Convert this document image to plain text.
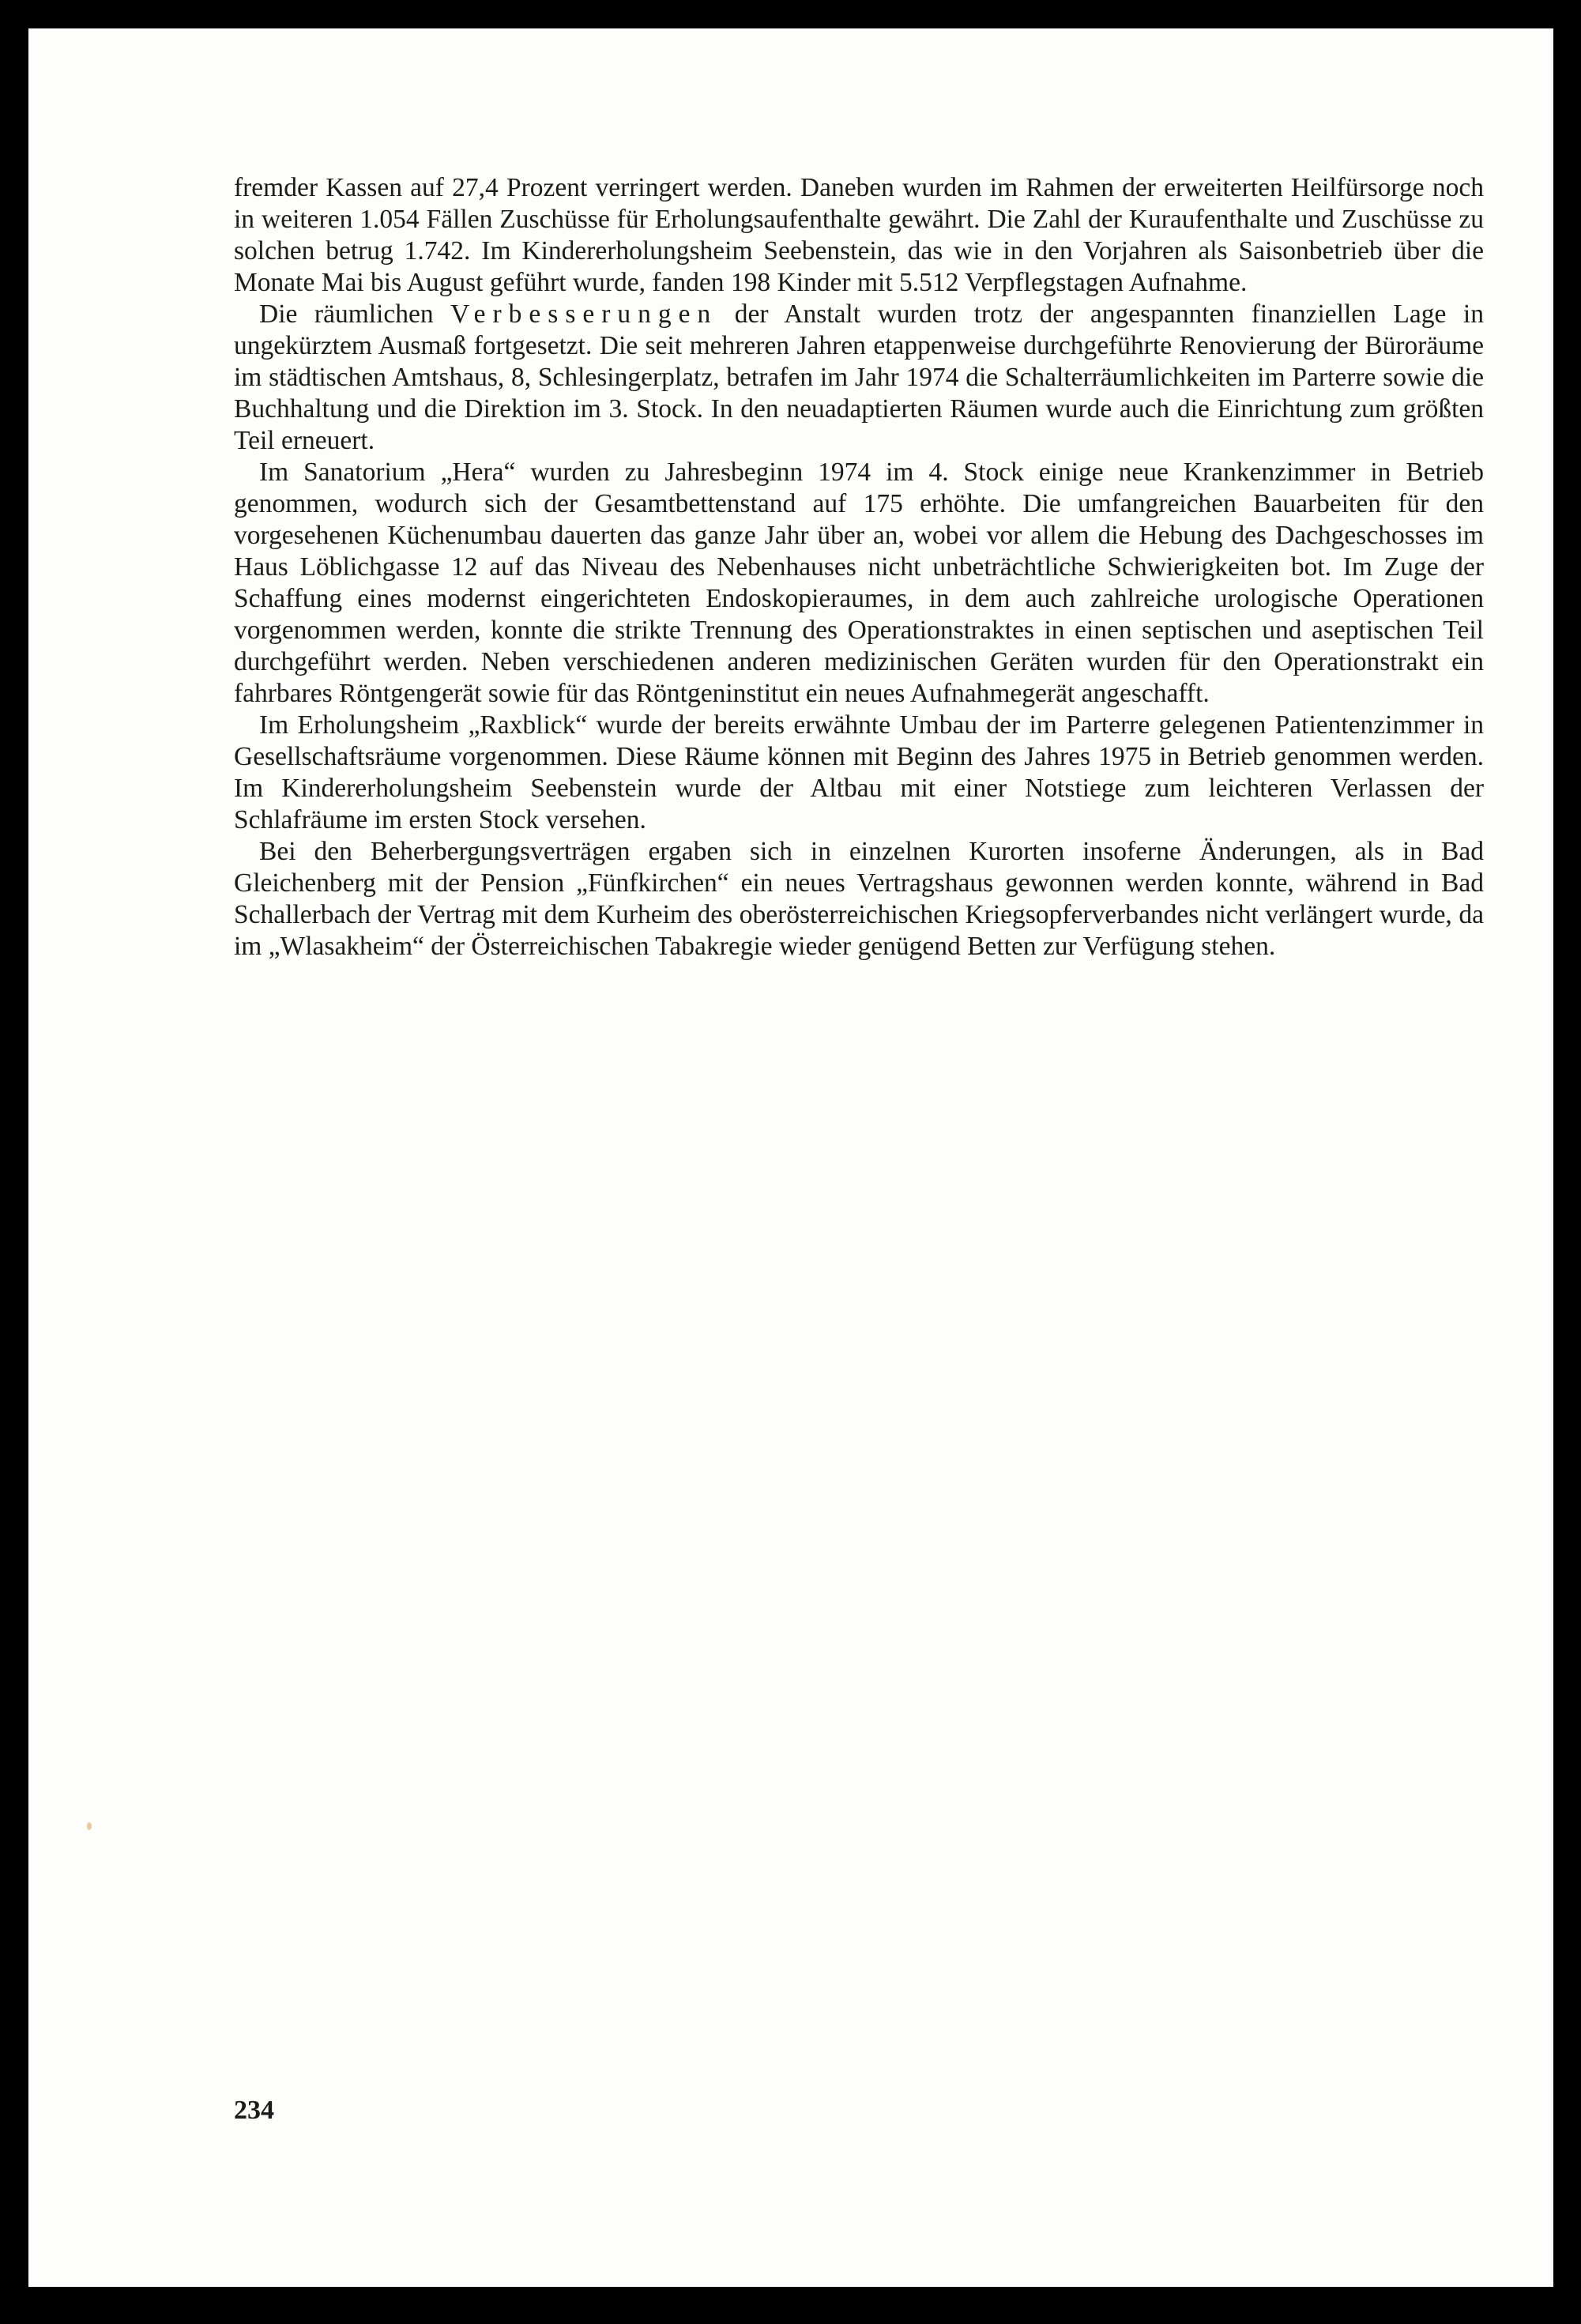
fremder Kassen auf 27,4 Prozent verringert werden. Daneben wurden im Rahmen der erweiterten Heilfürsorge noch in weiteren 1.054 Fällen Zuschüsse für Erholungsaufenthalte gewährt. Die Zahl der Kuraufenthalte und Zuschüsse zu solchen betrug 1.742. Im Kindererholungsheim Seebenstein, das wie in den Vorjahren als Saisonbetrieb über die Monate Mai bis August geführt wurde, fanden 198 Kinder mit 5.512 Verpflegstagen Aufnahme.

Die räumlichen Verbesserungen der Anstalt wurden trotz der angespannten finanziellen Lage in ungekürztem Ausmaß fortgesetzt. Die seit mehreren Jahren etappenweise durchgeführte Renovierung der Büroräume im städtischen Amtshaus, 8, Schlesingerplatz, betrafen im Jahr 1974 die Schalterräumlichkeiten im Parterre sowie die Buchhaltung und die Direktion im 3. Stock. In den neuadaptierten Räumen wurde auch die Einrichtung zum größten Teil erneuert.

Im Sanatorium „Hera“ wurden zu Jahresbeginn 1974 im 4. Stock einige neue Krankenzimmer in Betrieb genommen, wodurch sich der Gesamtbettenstand auf 175 erhöhte. Die umfangreichen Bauarbeiten für den vorgesehenen Küchenumbau dauerten das ganze Jahr über an, wobei vor allem die Hebung des Dachgeschosses im Haus Löblichgasse 12 auf das Niveau des Nebenhauses nicht unbeträchtliche Schwierigkeiten bot. Im Zuge der Schaffung eines modernst eingerichteten Endoskopieraumes, in dem auch zahlreiche urologische Operationen vorgenommen werden, konnte die strikte Trennung des Operationstraktes in einen septischen und aseptischen Teil durchgeführt werden. Neben verschiedenen anderen medizinischen Geräten wurden für den Operationstrakt ein fahrbares Röntgengerät sowie für das Röntgeninstitut ein neues Aufnahmegerät angeschafft.

Im Erholungsheim „Raxblick“ wurde der bereits erwähnte Umbau der im Parterre gelegenen Patientenzimmer in Gesellschaftsräume vorgenommen. Diese Räume können mit Beginn des Jahres 1975 in Betrieb genommen werden. Im Kindererholungsheim Seebenstein wurde der Altbau mit einer Notstiege zum leichteren Verlassen der Schlafräume im ersten Stock versehen.

Bei den Beherbergungsverträgen ergaben sich in einzelnen Kurorten insoferne Änderungen, als in Bad Gleichenberg mit der Pension „Fünfkirchen“ ein neues Vertragshaus gewonnen werden konnte, während in Bad Schallerbach der Vertrag mit dem Kurheim des oberösterreichischen Kriegsopferverbandes nicht verlängert wurde, da im „Wlasakheim“ der Österreichischen Tabakregie wieder genügend Betten zur Verfügung stehen.

234
